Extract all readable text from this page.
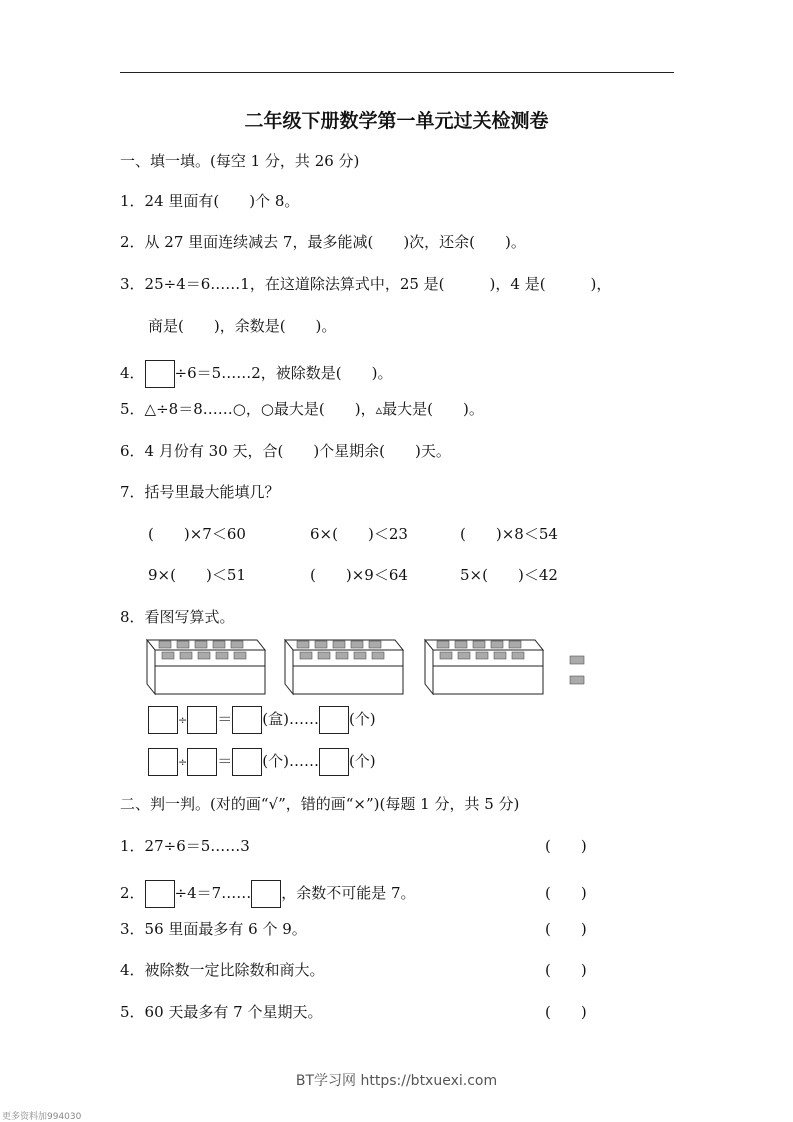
二年级下册数学第一单元过关检测卷
一、填一填。(每空 1 分，共 26 分)
1．24 里面有(　　)个 8。
2．从 27 里面连续减去 7，最多能减(　　)次，还余(　　)。
3．25÷4＝6……1，在这道除法算式中，25 是(　　　)，4 是(　　　)，
商是(　　)，余数是(　　)。
4． ÷6＝5……2，被除数是(　　)。
5．△÷8＝8……○，○最大是(　　)，▵最大是(　　)。
6．4 月份有 30 天，合(　　)个星期余(　　)天。
7．括号里最大能填几？
(　　)×7＜60	6×(　　)＜23	(　　)×8＜54
9×(　　)＜51	(　　)×9＜64	5×(　　)＜42
8．看图写算式。
÷ ＝ (盒)…… (个)
÷ ＝ (个)…… (个)
二、判一判。(对的画“√”，错的画“×”)(每题 1 分，共 5 分)
1．27÷6＝5……3	(　　)
2． ÷4＝7…… ，余数不可能是 7。	(　　)
3．56 里面最多有 6 个 9。	(　　)
4．被除数一定比除数和商大。	(　　)
5．60 天最多有 7 个星期天。	(　　)
BT学习网 https://btxuexi.com
更多资料加994030
